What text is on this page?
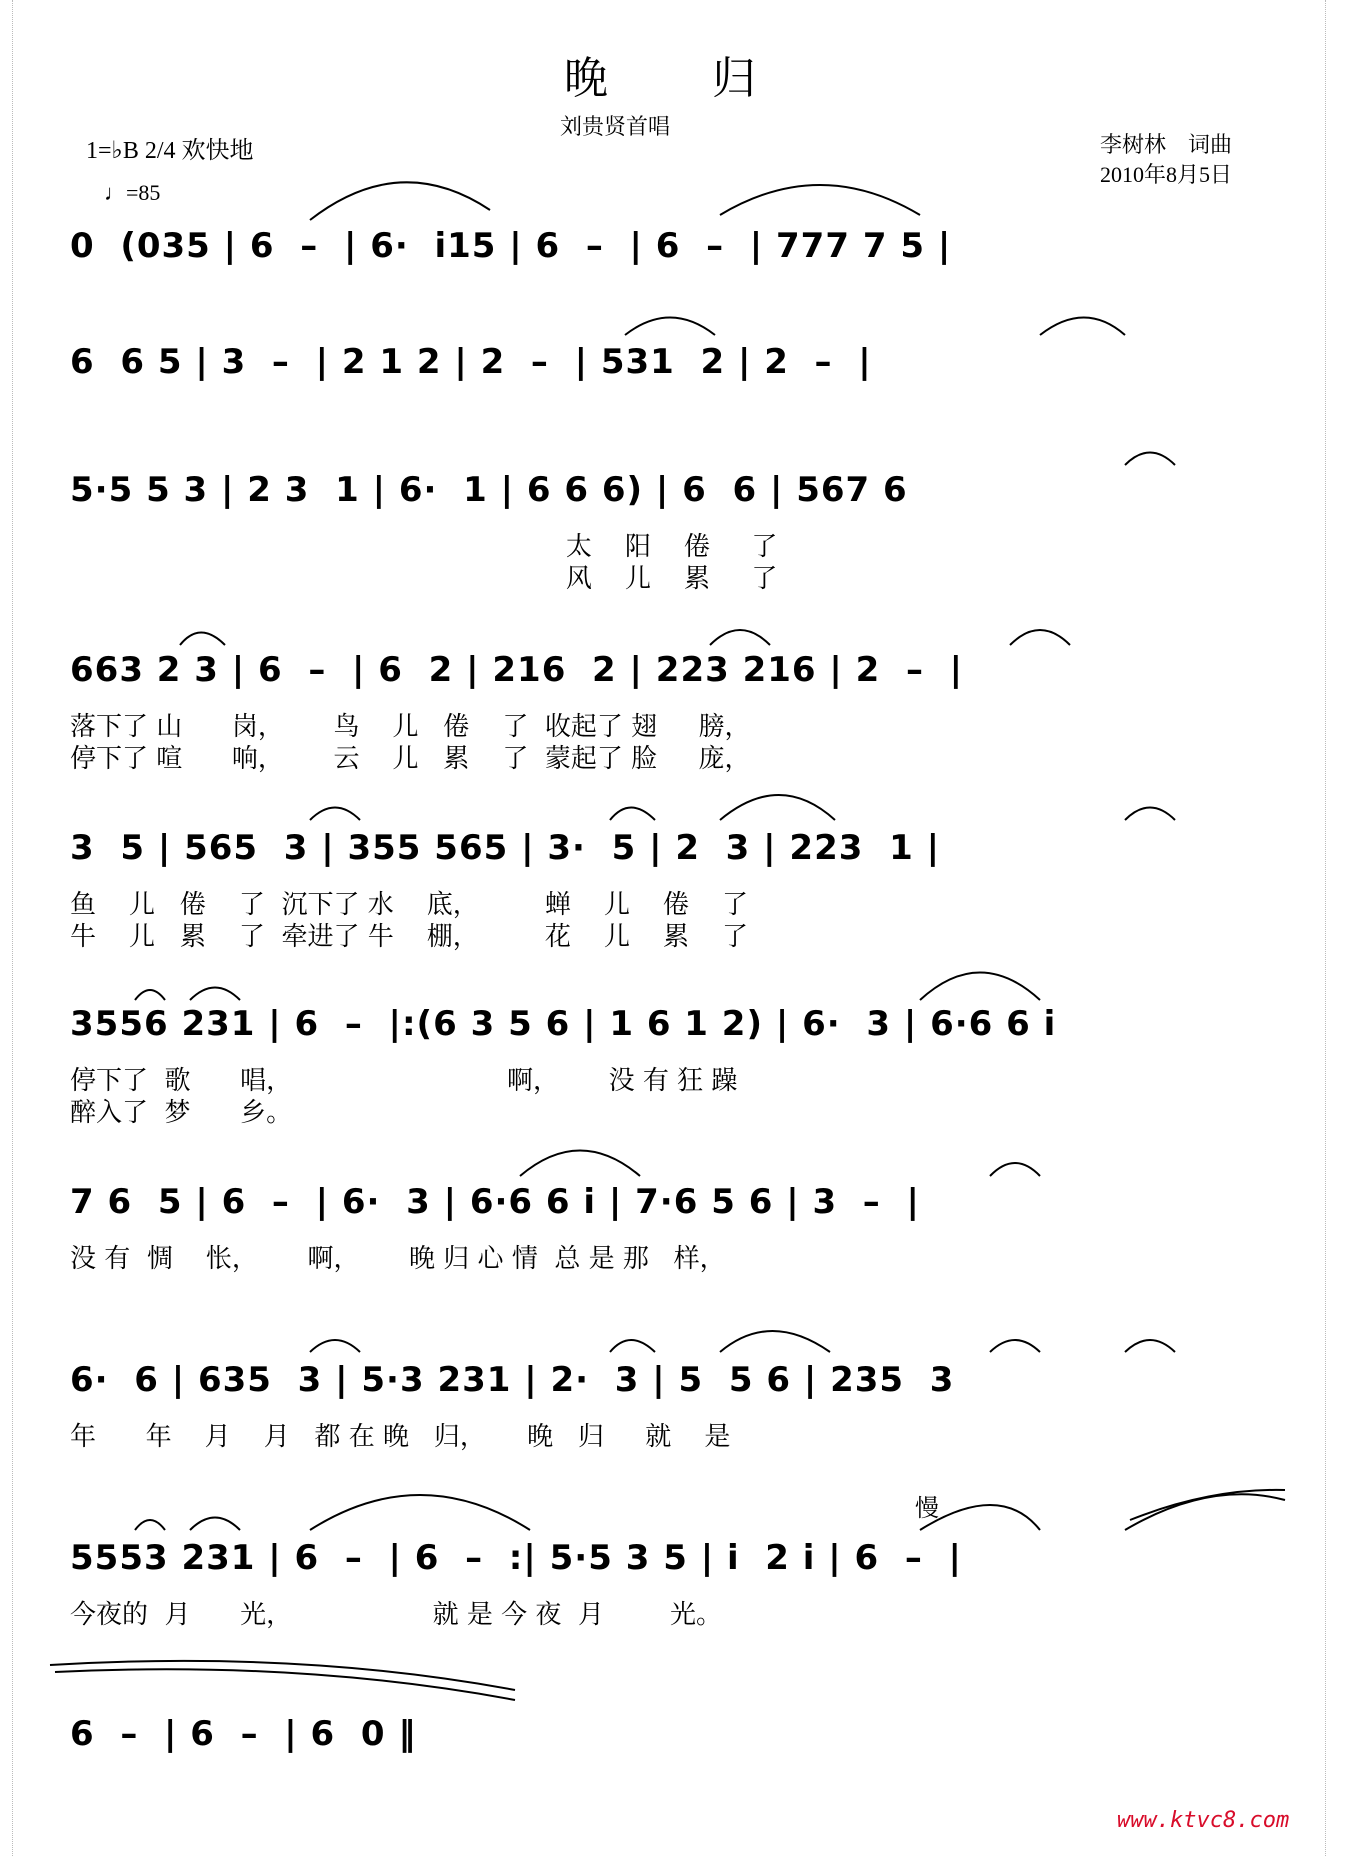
晚　归
刘贵贤首唱
1=♭B 2/4 欢快地
♩=85
李树林　词曲
2010年8月5日
0  (035 | 6  –  | 6·  i15 | 6  –  | 6  –  | 777 7 5 |
6  6 5 | 3  –  | 2 1 2 | 2  –  | 531  2 | 2  –  |
5·5 5 3 | 2 3  1 | 6·  1 | 6 6 6) | 6  6 | 567 6
太    阳    倦     了
风    儿    累     了
663 2 3 | 6  –  | 6  2 | 216  2 | 223 216 | 2  –  |
落下了 山      岗，      鸟    儿   倦    了  收起了 翅     膀，
停下了 喧      响，      云    儿   累    了  蒙起了 脸     庞，
3  5 | 565  3 | 355 565 | 3·  5 | 2  3 | 223  1 |
鱼    儿   倦    了  沉下了 水    底，        蝉    儿    倦    了
牛    儿   累    了  牵进了 牛    棚，        花    儿    累    了
3556 231 | 6  –  |:(6 3 5 6 | 1 6 1 2) | 6·  3 | 6·6 6 i
停下了  歌      唱，                          啊，      没 有 狂 躁
醉入了  梦      乡。
7 6  5 | 6  –  | 6·  3 | 6·6 6 i | 7·6 5 6 | 3  –  |
没 有  惆    怅，      啊，      晚 归 心 情  总 是 那   样，
6·  6 | 635  3 | 5·3 231 | 2·  3 | 5  5 6 | 235  3
年      年    月    月   都 在 晚   归，     晚   归     就    是
慢
5553 231 | 6  –  | 6  –  :| 5·5 3 5 | i  2 i | 6  –  |
今夜的  月      光，                 就 是 今 夜  月        光。
6  –  | 6  –  | 6  0 ‖
www.ktvc8.com
